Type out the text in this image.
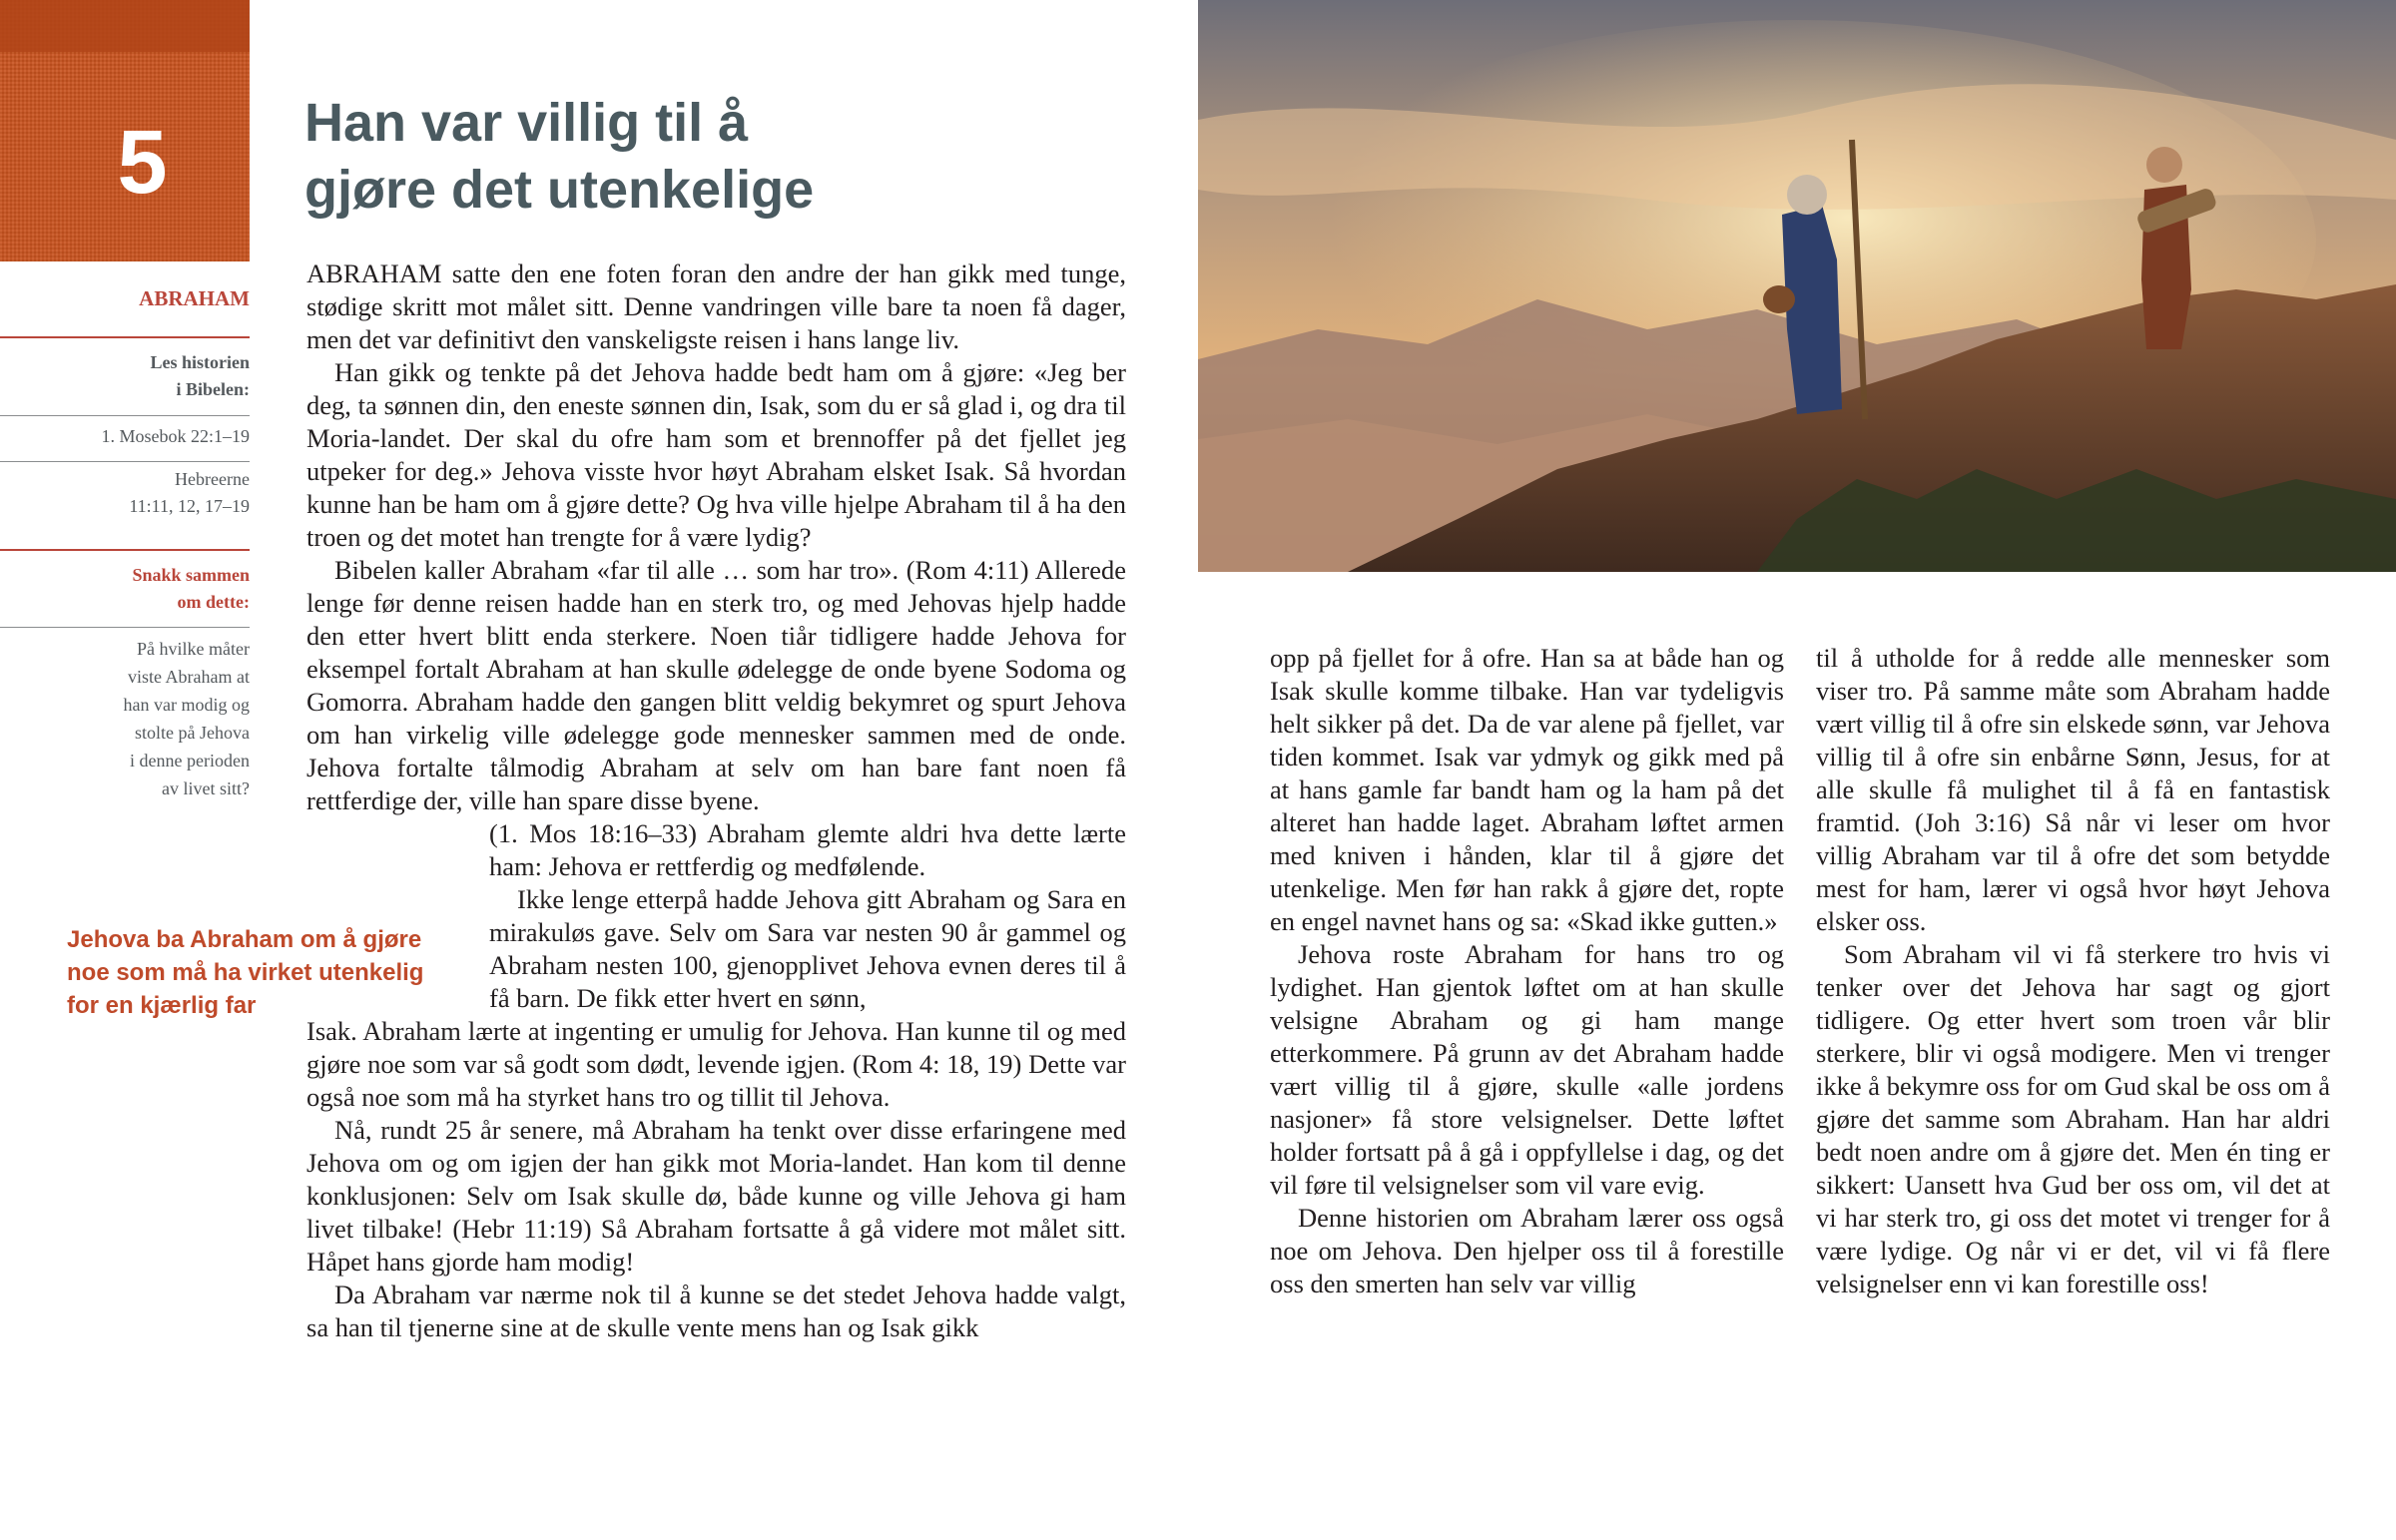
5
ABRAHAM
Les historien
i Bibelen:
1. Mosebok 22:1–19
Hebreerne
11:11, 12, 17–19
Snakk sammen
om dette:
På hvilke måter
viste Abraham at
han var modig og
stolte på Jehova
i denne perioden
av livet sitt?
Han var villig til å
gjøre det utenkelige
Jehova ba Abraham om å gjøre
noe som må ha virket utenkelig
for en kjærlig far

ABRAHAM satte den ene foten foran den andre der han gikk med tunge, stødige skritt mot målet sitt. Denne vandringen ville bare ta noen få dager, men det var definitivt den vanskeligste reisen i hans lange liv.

Han gikk og tenkte på det Jehova hadde bedt ham om å gjøre: «Jeg ber deg, ta sønnen din, den eneste sønnen din, Isak, som du er så glad i, og dra til Moria-landet. Der skal du ofre ham som et brennoffer på det fjellet jeg utpeker for deg.» Jehova visste hvor høyt Abraham elsket Isak. Så hvordan kunne han be ham om å gjøre dette? Og hva ville hjelpe Abraham til å ha den troen og det motet han trengte for å være lydig?

Bibelen kaller Abraham «far til alle … som har tro». (Rom 4:11) Allerede lenge før denne reisen hadde han en sterk tro, og med Jehovas hjelp hadde den etter hvert blitt enda sterkere. Noen tiår tidligere hadde Jehova for eksempel fortalt Abraham at han skulle ødelegge de onde byene Sodoma og Gomorra. Abraham hadde den gangen blitt veldig bekymret og spurt Jehova om han virkelig ville ødelegge gode mennesker sammen med de onde. Jehova fortalte tålmodig Abraham at selv om han bare fant noen få rettferdige der, ville han spare disse byene.

(1. Mos 18:16–33) Abraham glemte aldri hva dette lærte ham: Jehova er rettferdig og medfølende.

Ikke lenge etterpå hadde Jehova gitt Abraham og Sara en mirakuløs gave. Selv om Sara var nesten 90 år gammel og Abraham nesten 100, gjenopplivet Jehova evnen deres til å få barn. De fikk etter hvert en sønn,

Isak. Abraham lærte at ingenting er umulig for Jehova. Han kunne til og med gjøre noe som var så godt som dødt, levende igjen. (Rom 4: 18, 19) Dette var også noe som må ha styrket hans tro og tillit til Jehova.

Nå, rundt 25 år senere, må Abraham ha tenkt over disse erfaringene med Jehova om og om igjen der han gikk mot Moria-landet. Han kom til denne konklusjonen: Selv om Isak skulle dø, både kunne og ville Jehova gi ham livet tilbake! (Hebr 11:19) Så Abraham fortsatte å gå videre mot målet sitt. Håpet hans gjorde ham modig!

Da Abraham var nærme nok til å kunne se det stedet Jehova hadde valgt, sa han til tjenerne sine at de skulle vente mens han og Isak gikk

opp på fjellet for å ofre. Han sa at både han og Isak skulle komme tilbake. Han var tydeligvis helt sikker på det. Da de var alene på fjellet, var tiden kommet. Isak var ydmyk og gikk med på at hans gamle far bandt ham og la ham på det alteret han hadde laget. Abraham løftet armen med kniven i hånden, klar til å gjøre det utenkelige. Men før han rakk å gjøre det, ropte en engel navnet hans og sa: «Skad ikke gutten.»

Jehova roste Abraham for hans tro og lydighet. Han gjentok løftet om at han skulle velsigne Abraham og gi ham mange etterkommere. På grunn av det Abraham hadde vært villig til å gjøre, skulle «alle jordens nasjoner» få store velsignelser. Dette løftet holder fortsatt på å gå i oppfyllelse i dag, og det vil føre til velsignelser som vil vare evig.

Denne historien om Abraham lærer oss også noe om Jehova. Den hjelper oss til å forestille oss den smerten han selv var villig

til å utholde for å redde alle mennesker som viser tro. På samme måte som Abraham hadde vært villig til å ofre sin elskede sønn, var Jehova villig til å ofre sin enbårne Sønn, Jesus, for at alle skulle få mulighet til å få en fantastisk framtid. (Joh 3:16) Så når vi leser om hvor villig Abraham var til å ofre det som betydde mest for ham, lærer vi også hvor høyt Jehova elsker oss.

Som Abraham vil vi få sterkere tro hvis vi tenker over det Jehova har sagt og gjort tidligere. Og etter hvert som troen vår blir sterkere, blir vi også modigere. Men vi trenger ikke å bekymre oss for om Gud skal be oss om å gjøre det samme som Abraham. Han har aldri bedt noen andre om å gjøre det. Men én ting er sikkert: Uansett hva Gud ber oss om, vil det at vi har sterk tro, gi oss det motet vi trenger for å være lydige. Og når vi er det, vil vi få flere velsignelser enn vi kan forestille oss!
